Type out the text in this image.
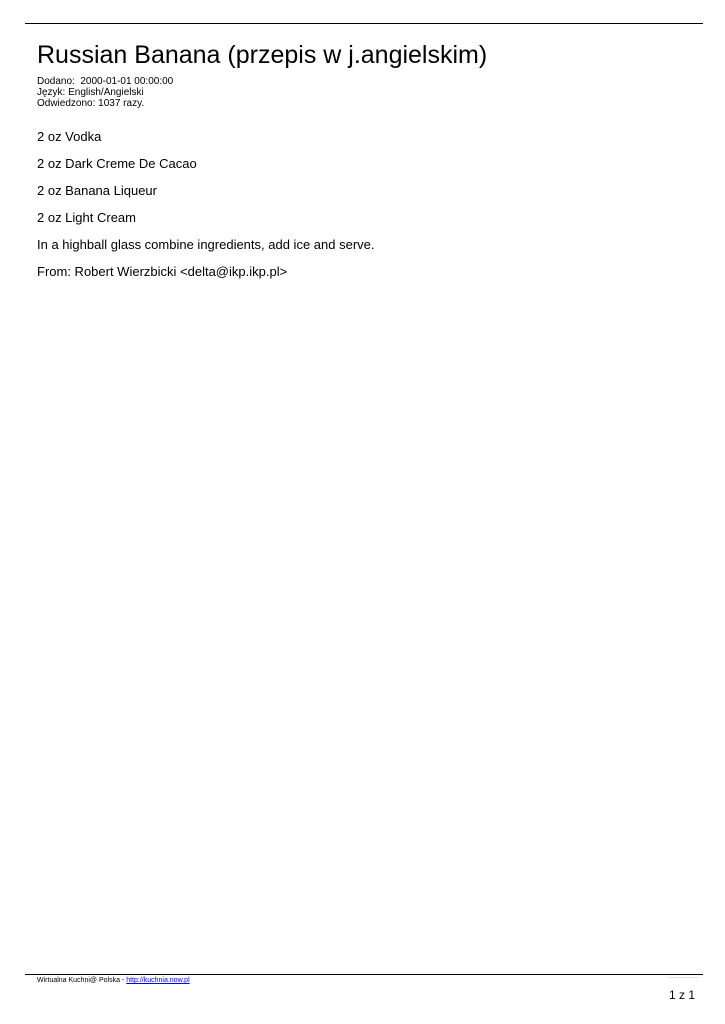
Russian Banana (przepis w j.angielskim)
Dodano:  2000-01-01 00:00:00
Język: English/Angielski
Odwiedzono: 1037 razy.

2 oz Vodka

2 oz Dark Creme De Cacao

2 oz Banana Liqueur

2 oz Light Cream

In a highball glass combine ingredients, add ice and serve.

From: Robert Wierzbicki <delta@ikp.ikp.pl>

Wirtualna Kuchni@ Polska - http://kuchnia.now.pl
1 z 1
